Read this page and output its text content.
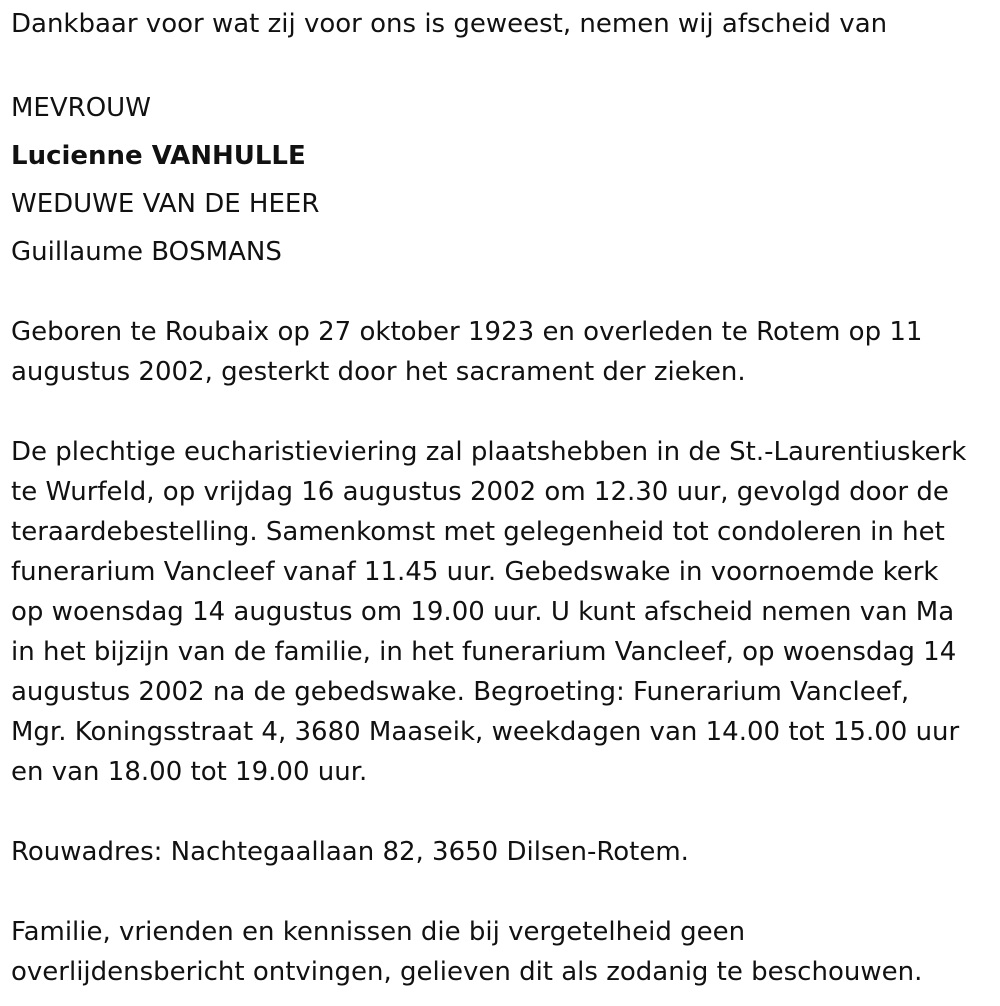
Dankbaar voor wat zij voor ons is geweest, nemen wij afscheid van

MEVROUW

Lucienne VANHULLE

WEDUWE VAN DE HEER

Guillaume BOSMANS

Geboren te Roubaix op 27 oktober 1923 en overleden te Rotem op 11

augustus 2002, gesterkt door het sacrament der zieken.

De plechtige eucharistieviering zal plaatshebben in de St.-Laurentiuskerk

te Wurfeld, op vrijdag 16 augustus 2002 om 12.30 uur, gevolgd door de

teraardebestelling. Samenkomst met gelegenheid tot condoleren in het

funerarium Vancleef vanaf 11.45 uur. Gebedswake in voornoemde kerk

op woensdag 14 augustus om 19.00 uur. U kunt afscheid nemen van Ma

in het bijzijn van de familie, in het funerarium Vancleef, op woensdag 14

augustus 2002 na de gebedswake. Begroeting: Funerarium Vancleef,

Mgr. Koningsstraat 4, 3680 Maaseik, weekdagen van 14.00 tot 15.00 uur

en van 18.00 tot 19.00 uur.

Rouwadres: Nachtegaallaan 82, 3650 Dilsen-Rotem.

Familie, vrienden en kennissen die bij vergetelheid geen

overlijdensbericht ontvingen, gelieven dit als zodanig te beschouwen.
